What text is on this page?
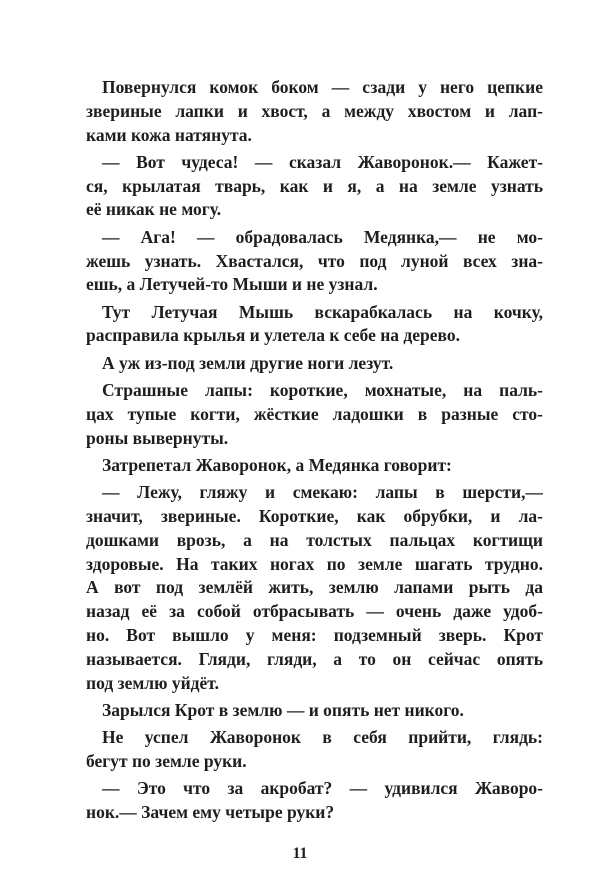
Повернулся комок боком — сзади у него цепкие
звериные лапки и хвост, а между хвостом и лап-
ками кожа натянута.
— Вот чудеса! — сказал Жаворонок.— Кажет-
ся, крылатая тварь, как и я, а на земле узнать
её никак не могу.
— Ага! — обрадовалась Медянка,— не мо-
жешь узнать. Хвастался, что под луной всех зна-
ешь, а Летучей-то Мыши и не узнал.
Тут Летучая Мышь вскарабкалась на кочку,
расправила крылья и улетела к себе на дерево.
А уж из-под земли другие ноги лезут.
Страшные лапы: короткие, мохнатые, на паль-
цах тупые когти, жёсткие ладошки в разные сто-
роны вывернуты.
Затрепетал Жаворонок, а Медянка говорит:
— Лежу, гляжу и смекаю: лапы в шерсти,—
значит, звериные. Короткие, как обрубки, и ла-
дошками врозь, а на толстых пальцах когтищи
здоровые. На таких ногах по земле шагать трудно.
А вот под землёй жить, землю лапами рыть да
назад её за собой отбрасывать — очень даже удоб-
но. Вот вышло у меня: подземный зверь. Крот
называется. Гляди, гляди, а то он сейчас опять
под землю уйдёт.
Зарылся Крот в землю — и опять нет никого.
Не успел Жаворонок в себя прийти, глядь:
бегут по земле руки.
— Это что за акробат? — удивился Жаворо-
нок.— Зачем ему четыре руки?
11
